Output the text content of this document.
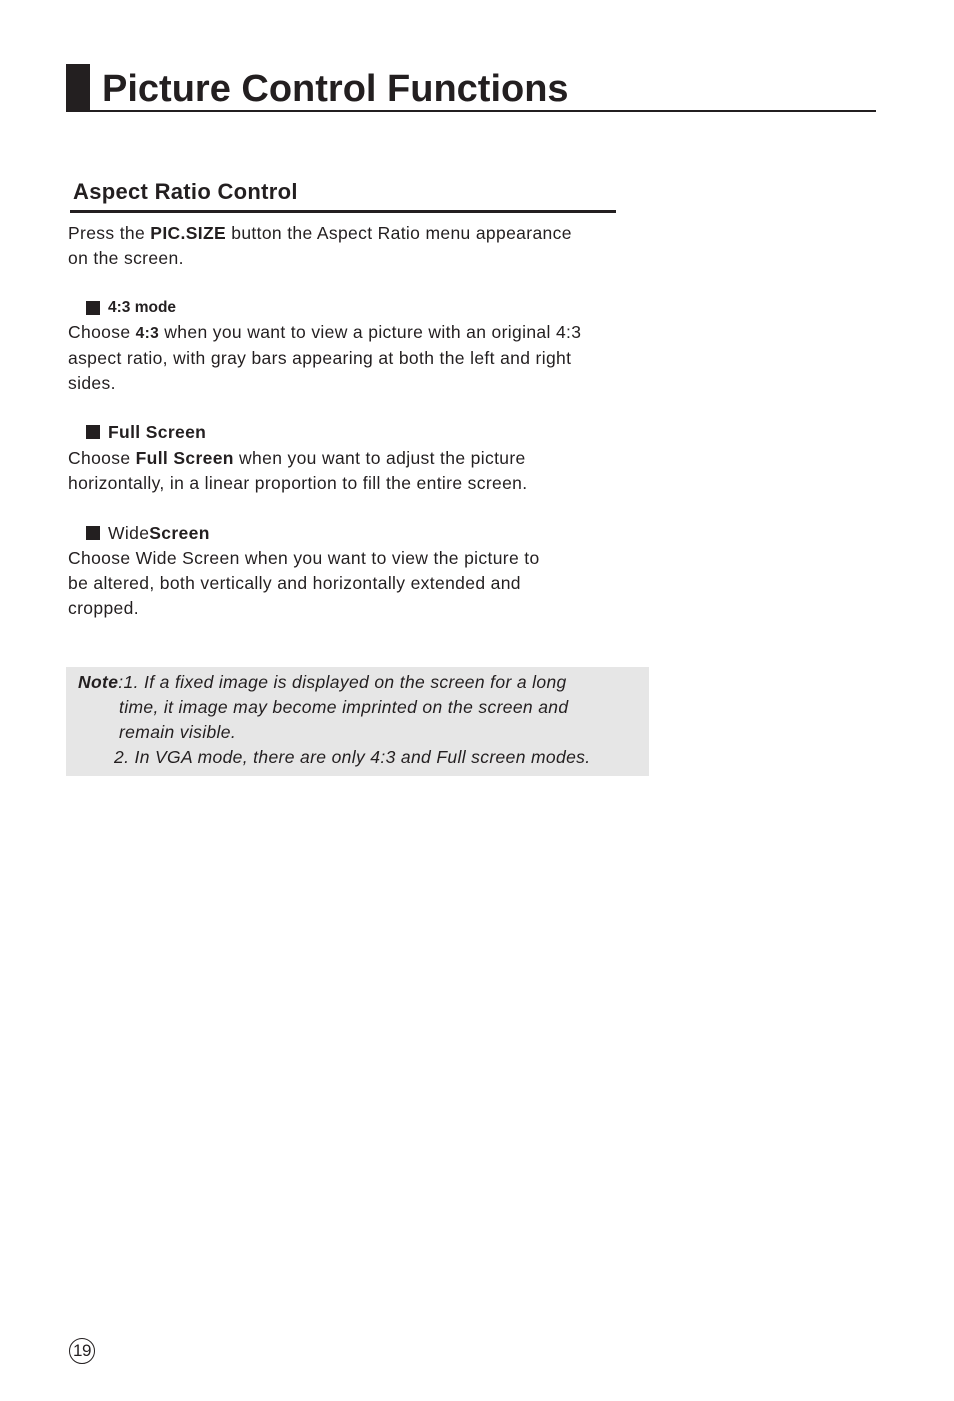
Picture Control Functions
Aspect Ratio Control

Press the PIC.SIZE button the Aspect Ratio menu appearance
on the screen.

4:3 mode

Choose 4:3 when you want to view a picture with an original 4:3
aspect ratio, with gray bars appearing at both the left and right
sides.

Full Screen

Choose Full Screen when you want to adjust the picture
horizontally, in a linear proportion to fill the entire screen.

Wide Screen

Choose Wide Screen when you want to view the picture to
be altered, both vertically and horizontally extended and
cropped.

Note:1. If a fixed image is displayed on the screen for a long

time, it image may become imprinted on the screen and

remain visible.

2. In VGA mode, there are only 4:3 and Full screen modes.

19
